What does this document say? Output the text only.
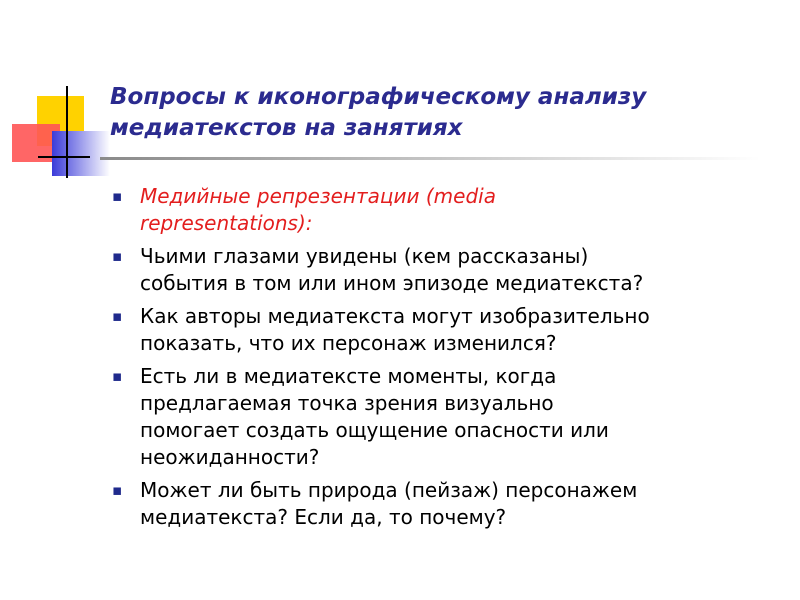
Вопросы к иконографическому анализу
медиатекстов на занятиях
▪ Медийные репрезентации (media
representations):
▪ Чьими глазами увидены (кем рассказаны)
события в том или ином эпизоде медиатекста?
▪ Как авторы медиатекста могут изобразительно
показать, что их персонаж изменился?
▪ Есть ли в медиатексте моменты, когда
предлагаемая точка зрения визуально
помогает создать ощущение опасности или
неожиданности?
▪ Может ли быть природа (пейзаж) персонажем
медиатекста? Если да, то почему?
